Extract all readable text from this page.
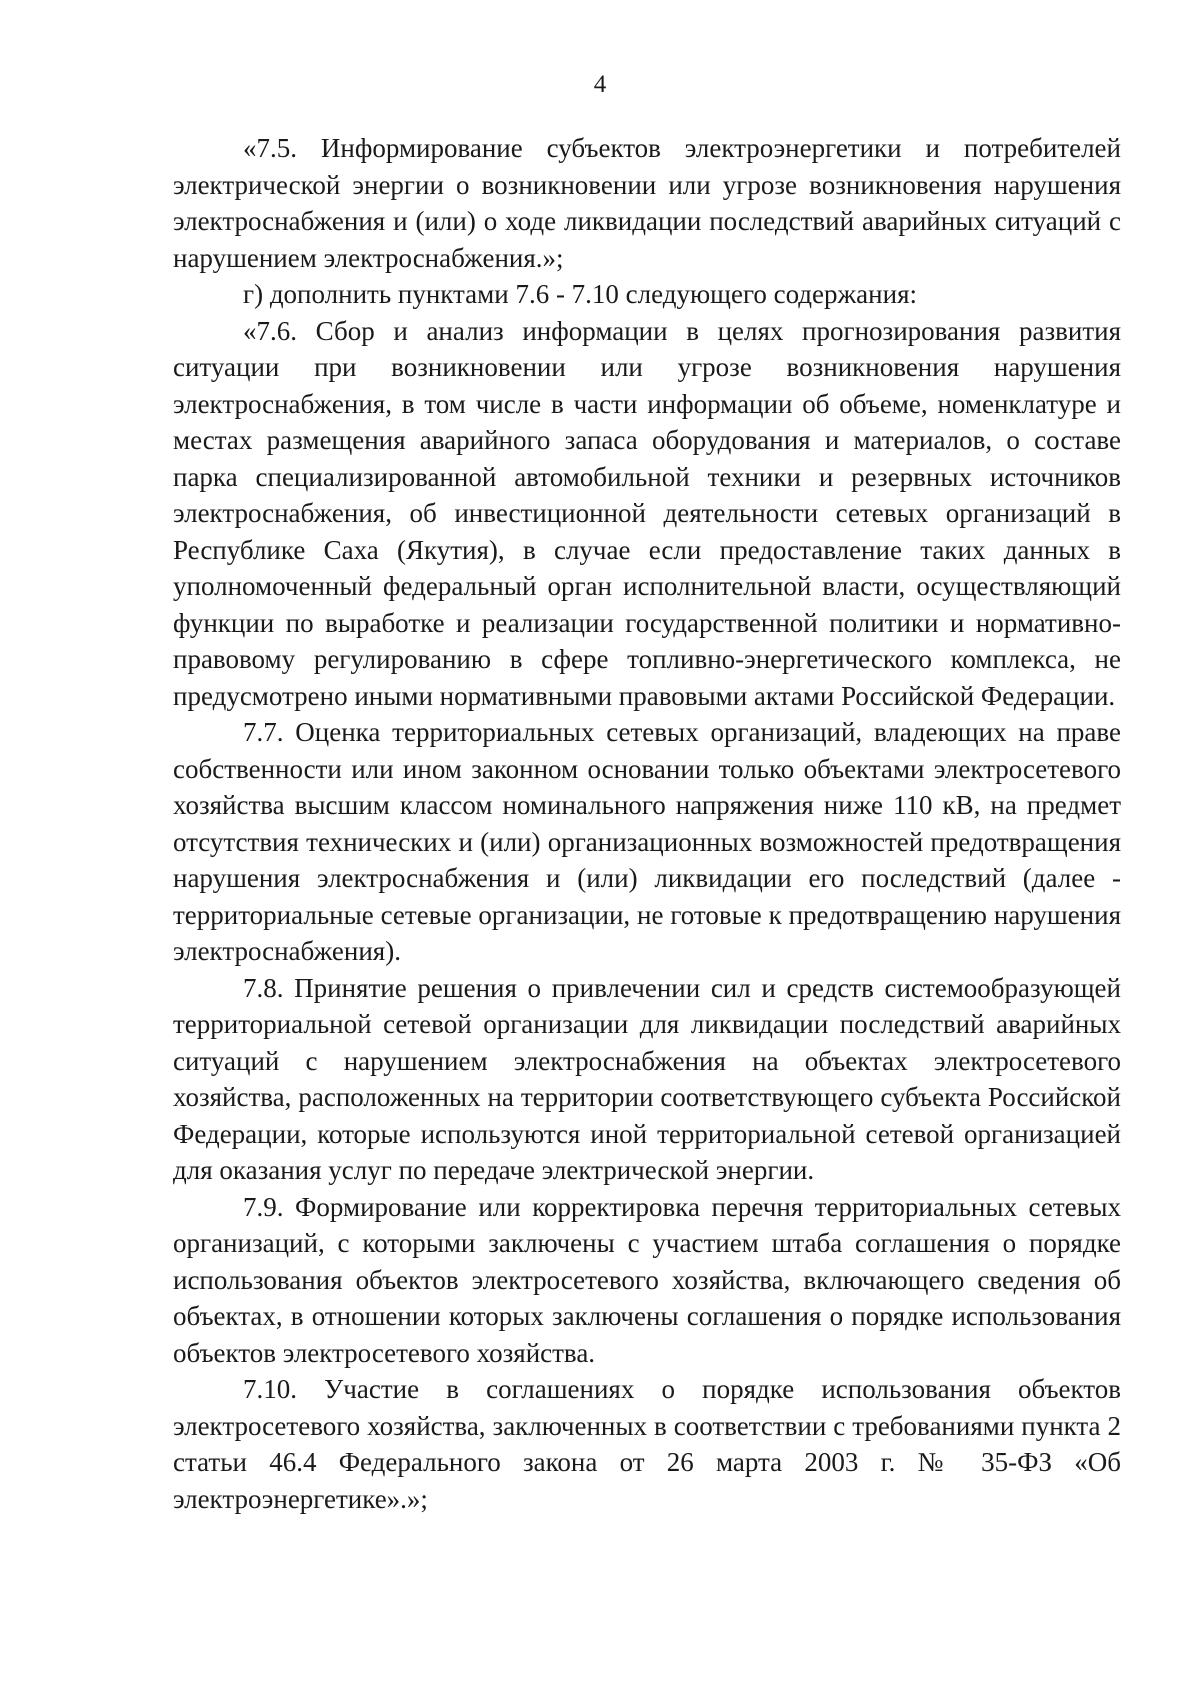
4

«7.5. Информирование субъектов электроэнергетики и потребителей электрической энергии о возникновении или угрозе возникновения нарушения электроснабжения и (или) о ходе ликвидации последствий аварийных ситуаций с нарушением электроснабжения.»;

г) дополнить пунктами 7.6 - 7.10 следующего содержания:

«7.6. Сбор и анализ информации в целях прогнозирования развития ситуации при возникновении или угрозе возникновения нарушения электроснабжения, в том числе в части информации об объеме, номенклатуре и местах размещения аварийного запаса оборудования и материалов, о составе парка специализированной автомобильной техники и резервных источников электроснабжения, об инвестиционной деятельности сетевых организаций в Республике Саха (Якутия), в случае если предоставление таких данных в уполномоченный федеральный орган исполнительной власти, осуществляющий функции по выработке и реализации государственной политики и нормативно-правовому регулированию в сфере топливно-энергетического комплекса, не предусмотрено иными нормативными правовыми актами Российской Федерации.

7.7. Оценка территориальных сетевых организаций, владеющих на праве собственности или ином законном основании только объектами электросетевого хозяйства высшим классом номинального напряжения ниже 110 кВ, на предмет отсутствия технических и (или) организационных возможностей предотвращения нарушения электроснабжения и (или) ликвидации его последствий (далее - территориальные сетевые организации, не готовые к предотвращению нарушения электроснабжения).

7.8. Принятие решения о привлечении сил и средств системообразующей территориальной сетевой организации для ликвидации последствий аварийных ситуаций с нарушением электроснабжения на объектах электросетевого хозяйства, расположенных на территории соответствующего субъекта Российской Федерации, которые используются иной территориальной сетевой организацией для оказания услуг по передаче электрической энергии.

7.9. Формирование или корректировка перечня территориальных сетевых организаций, с которыми заключены с участием штаба соглашения о порядке использования объектов электросетевого хозяйства, включающего сведения об объектах, в отношении которых заключены соглашения о порядке использования объектов электросетевого хозяйства.

7.10. Участие в соглашениях о порядке использования объектов электросетевого хозяйства, заключенных в соответствии с требованиями пункта 2 статьи 46.4 Федерального закона от 26 марта 2003 г. № 35-ФЗ «Об электроэнергетике».»;
